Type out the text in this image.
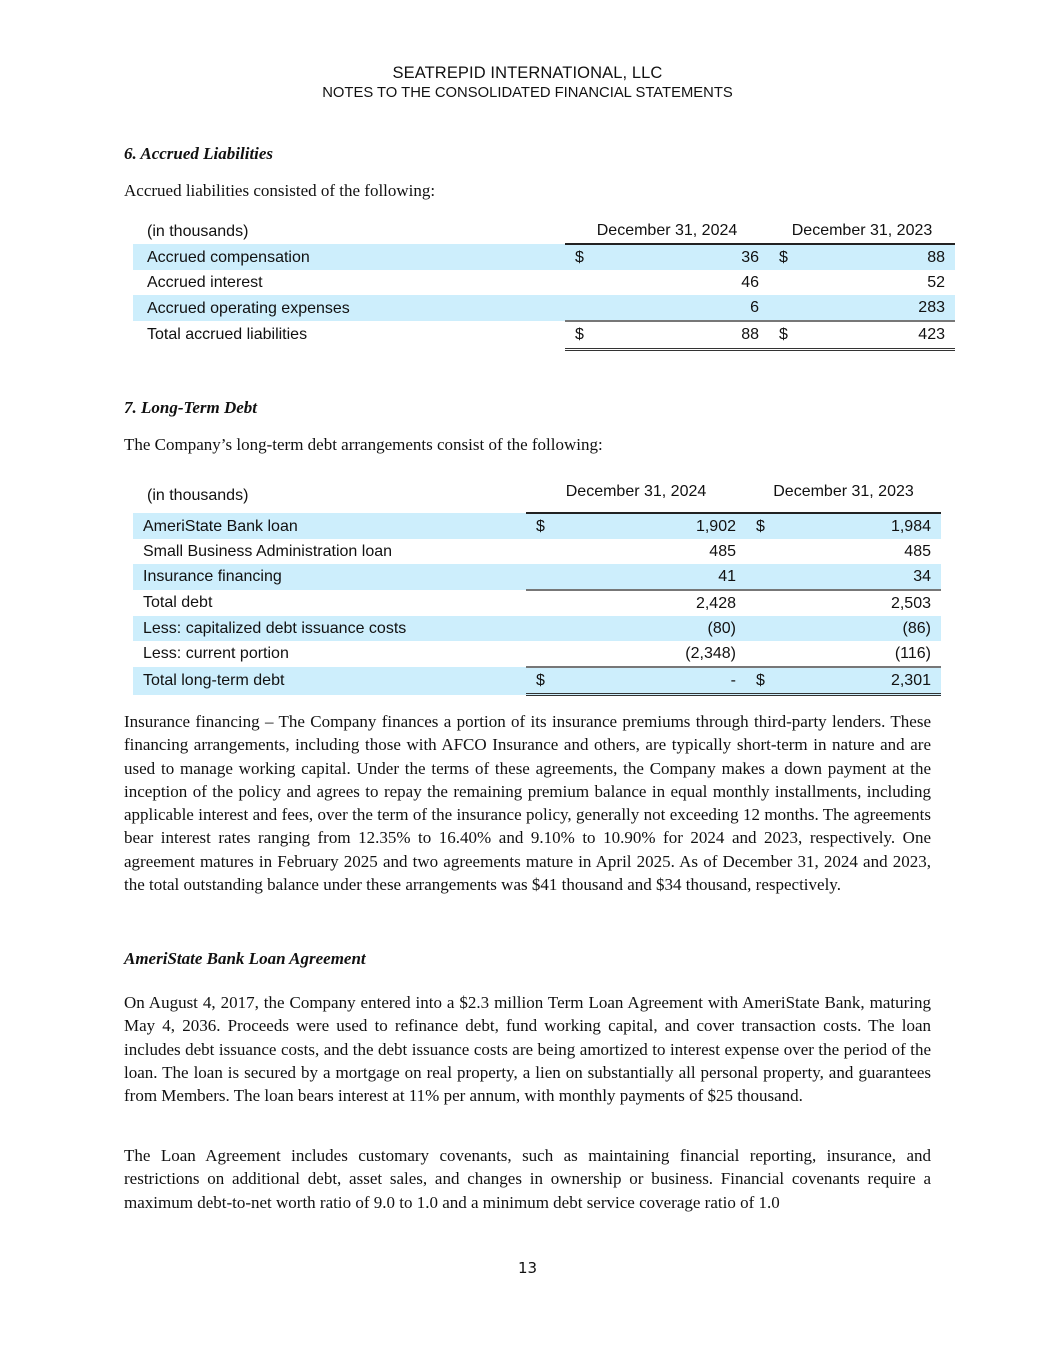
SEATREPID INTERNATIONAL, LLC
NOTES TO THE CONSOLIDATED FINANCIAL STATEMENTS
6. Accrued Liabilities
Accrued liabilities consisted of the following:
(in thousands)	December 31, 2024		December 31, 2023	
Accrued compensation	$	36	$	88
Accrued interest		46		52
Accrued operating expenses		6		283
Total accrued liabilities	$	88	$	423
7. Long-Term Debt
The Company’s long-term debt arrangements consist of the following:
(in thousands)	December 31, 2024		December 31, 2023	
AmeriState Bank loan	$	1,902	$	1,984
Small Business Administration loan		485		485
Insurance financing		41		34
Total debt		2,428		2,503
Less: capitalized debt issuance costs		(80)		(86)
Less: current portion		(2,348)		(116)
Total long-term debt	$	-	$	2,301

Insurance financing – The Company finances a portion of its insurance premiums through third-party lenders. These financing arrangements, including those with AFCO Insurance and others, are typically short-term in nature and are used to manage working capital. Under the terms of these agreements, the Company makes a down payment at the inception of the policy and agrees to repay the remaining premium balance in equal monthly installments, including applicable interest and fees, over the term of the insurance policy, generally not exceeding 12 months. The agreements bear interest rates ranging from 12.35% to 16.40% and 9.10% to 10.90% for 2024 and 2023, respectively. One agreement matures in February 2025 and two agreements mature in April 2025. As of December 31, 2024 and 2023, the total outstanding balance under these arrangements was $41 thousand and $34 thousand, respectively.

AmeriState Bank Loan Agreement

On August 4, 2017, the Company entered into a $2.3 million Term Loan Agreement with AmeriState Bank, maturing May 4, 2036. Proceeds were used to refinance debt, fund working capital, and cover transaction costs. The loan includes debt issuance costs, and the debt issuance costs are being amortized to interest expense over the period of the loan. The loan is secured by a mortgage on real property, a lien on substantially all personal property, and guarantees from Members. The loan bears interest at 11% per annum, with monthly payments of $25 thousand.

The Loan Agreement includes customary covenants, such as maintaining financial reporting, insurance, and restrictions on additional debt, asset sales, and changes in ownership or business. Financial covenants require a maximum debt-to-net worth ratio of 9.0 to 1.0 and a minimum debt service coverage ratio of 1.0

13
